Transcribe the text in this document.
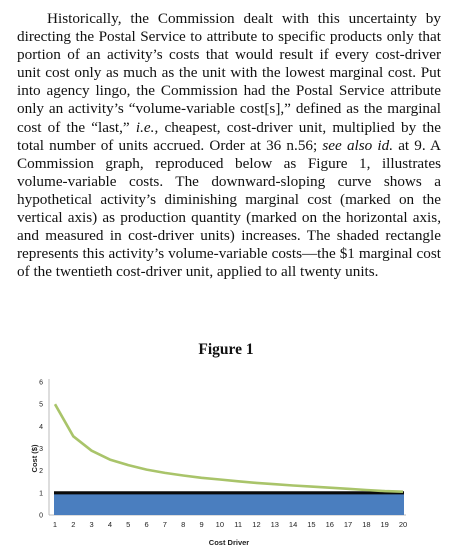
Historically, the Commission dealt with this uncertainty by directing the Postal Service to attribute to specific products only that portion of an activity’s costs that would result if every cost-driver unit cost only as much as the unit with the lowest marginal cost. Put into agency lingo, the Commission had the Postal Service attribute only an activity’s “volume-variable cost[s],” defined as the marginal cost of the “last,” i.e., cheapest, cost-driver unit, multiplied by the total number of units accrued. Order at 36 n.56; see also id. at 9. A Commission graph, reproduced below as Figure 1, illustrates volume-variable costs. The downward-sloping curve shows a hypothetical activity’s diminishing marginal cost (marked on the vertical axis) as production quantity (marked on the horizontal axis, and measured in cost-driver units) increases. The shaded rectangle represents this activity’s volume-variable costs—the $1 marginal cost of the twentieth cost-driver unit, applied to all twenty units.

Figure 1
0
1
2
3
4
5
6
1 2 3 4 5 6 7 8 9 10 11 12 13 14 15 16 17 18 19 20
Cost Driver
Cost ($)
